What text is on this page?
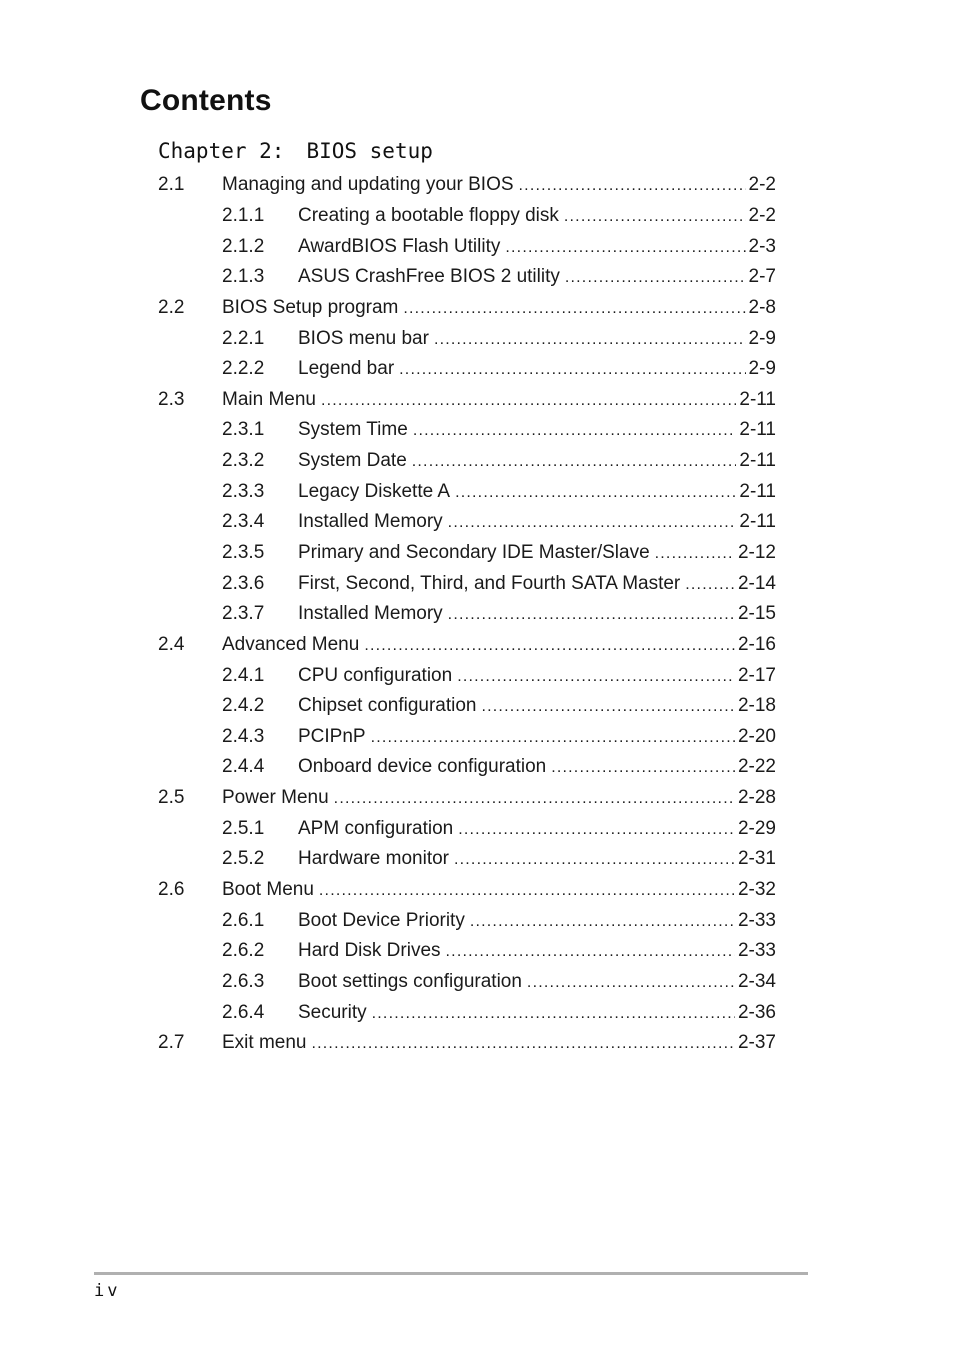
Contents
Chapter 2: BIOS setup
2.1 Managing and updating your BIOS .....	2-2
2.1.1 Creating a bootable floppy disk .....	2-2
2.1.2 AwardBIOS Flash Utility .....	2-3
2.1.3 ASUS CrashFree BIOS 2 utility .....	2-7
2.2 BIOS Setup program .....	2-8
2.2.1 BIOS menu bar .....	2-9
2.2.2 Legend bar .....	2-9
2.3 Main Menu .....	2-11
2.3.1 System Time .....	2-11
2.3.2 System Date .....	2-11
2.3.3 Legacy Diskette A .....	2-11
2.3.4 Installed Memory .....	2-11
2.3.5 Primary and Secondary IDE Master/Slave .....	2-12
2.3.6 First, Second, Third, and Fourth SATA Master .....	2-14
2.3.7 Installed Memory .....	2-15
2.4 Advanced Menu .....	2-16
2.4.1 CPU configuration .....	2-17
2.4.2 Chipset configuration .....	2-18
2.4.3 PCIPnP .....	2-20
2.4.4 Onboard device configuration .....	2-22
2.5 Power Menu .....	2-28
2.5.1 APM configuration .....	2-29
2.5.2 Hardware monitor .....	2-31
2.6 Boot Menu .....	2-32
2.6.1 Boot Device Priority .....	2-33
2.6.2 Hard Disk Drives .....	2-33
2.6.3 Boot settings configuration .....	2-34
2.6.4 Security .....	2-36
2.7 Exit menu .....	2-37
iv
